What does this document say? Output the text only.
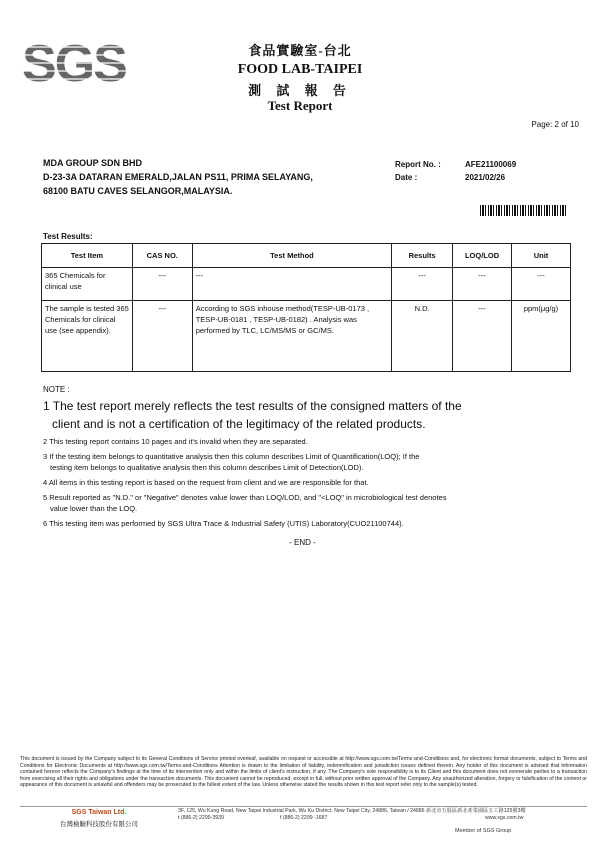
SGS	食品實驗室-台北
FOOD LAB-TAIPEI
測 試 報 告
Test Report
Page: 2 of 10
MDA GROUP SDN BHD
D-23-3A DATARAN EMERALD,JALAN PS11, PRIMA SELAYANG,
68100 BATU CAVES SELANGOR,MALAYSIA.
Report No. :	AFE21100069
Date :	2021/02/26
Test Results:
Test Item	CAS NO.	Test Method	Results	LOQ/LOD	Unit
365 Chemicals for clinical use	---	---	---	---	---
The sample is tested 365 Chemicals for clinical use (see appendix).	---	According to SGS inhouse method(TESP-UB-0173 , TESP-UB-0181 , TESP-UB-0182) . Analysis was performed by TLC, LC/MS/MS or GC/MS.	N.D.	---	ppm(μg/g)
NOTE :
1 The test report merely reflects the test results of the consigned matters of the
client and is not a certification of the legitimacy of the related products.

2 This testing report contains 10 pages and it's invalid when they are separated.

3 If the testing item belongs to quantitative analysis then this column describes Limit of Quantification(LOQ); If the
testing item belongs to qualitative analysis then this column describes Limit of Detection(LOD).

4 All items in this testing report is based on the request from client and we are responsible for that.

5 Result reported as "N.D." or "Negative" denotes value lower than LOQ/LOD, and "<LOQ" in microbiological test denotes
value lower than the LOQ.

6 This testing item was performed by SGS Ultra Trace & Industrial Safety (UTIS) Laboratory(CUO21100744).

- END -
This document is issued by the Company subject to its General Conditions of Service printed overleaf, available on request or accessible at http://www.sgs.com.tw/Terms-and-Conditions and, for electronic format documents, subject to Terms and Conditions for Electronic Documents at http://www.sgs.com.tw/Terms-and-Conditions Attention is drawn to the limitation of liability, indemnification and jurisdiction issues defined therein. Any holder of this document is advised that information contained hereon reflects the Company's findings at the time of its intervention only and within the limits of client's instruction, if any. The Company's sole responsibility is to its Client and this document does not exonerate parties to a transaction from exercising all their rights and obligations under the transaction documents. This document cannot be reproduced, except in full, without prior written approval of the Company. Any unauthorized alteration, forgery or falsification of the content or appearance of this document is unlawful and offenders may be prosecuted to the fullest extent of the law. Unless otherwise stated the results shown in this test report refer only to the sample(s) tested.
SGS Taiwan Ltd.
台灣檢驗科技股份有限公司
3F, 125, Wu Kung Road, New Taipei Industrial Park, Wu Ku District, New Taipei City, 24886, Taiwan / 24886 新北市五股區新北產業園區五工路125號3樓
t (886-2) 2299-3939	f (886-2) 2299 -1687	www.sgs.com.tw
Member of SGS Group
